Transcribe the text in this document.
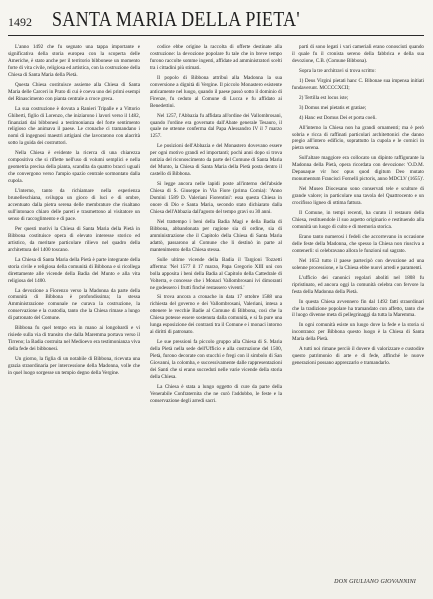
1492 SANTA MARIA DELLA PIETA'

L'anno 1492 che fu segnato una tappa importante e significativa della storia europea con la scoperta delle Americhe, è stato anche per il territorio bibbonese un momento forte di vita civile, religiosa ed artistica, con la costruzione della Chiesa di Santa Maria della Pietà.

Questa Chiesa costituisce assieme alla Chiesa di Santa Maria delle Carceri in Prato di cui è coeva uno dei primi esempi del Rinascimento con pianta centrale a croce greca.

La sua costruzione è dovuta a Ranieri Tripalle e a Vittorio Ghiberti, figlio di Lorenzo, che iniziarono i lavori verso il 1482, finanziati dai bibbonesi a testimonianza del forte sentimento religioso che animava il paese. Le cronache ci tramandano i nomi di ingegnosi maestri artigiani che lavorarono con alacrità sotto la guida dei costruttori.

Nella Chiesa è evidente la ricerca di una chiarezza compositiva che si riflette nell'uso di volumi semplici e nella geometria precisa della pianta, scandita da quattro bracci uguali che convergono verso l'ampio spazio centrale sormontato dalla cupola.

L'interno, tanto da richiamare nella esperienza brunelleschiana, sviluppa un gioco di luci e di ombre, accentuato dalla pietra serena delle membrature che risaltano sull'intonaco chiaro delle pareti e trasmettono al visitatore un senso di raccoglimento e di pace.

Per questi motivi la Chiesa di Santa Maria della Pietà in Bibbona costituisce opera di elevato interesse storico ed artistico, da meritare particolare rilievo nel quadro della architettura del 1400 toscano.

La Chiesa di Santa Maria della Pietà è parte integrante della storia civile e religiosa della comunità di Bibbona e si ricollega direttamente alle vicende della Badia del Munto e alla vita religiosa del 1400.

La devozione a Fiorenzo verso la Madonna da parte della comunità di Bibbona è profondissima; la stessa Amministrazione comunale ne curava la costruzione, la conservazione e la custodia, tanto che la Chiesa rimase a lungo di patronato del Comune.

Bibbona fu quel tempo era in mano ai longobardi e vi risiede sulla via di transito che dalla Maremma portava verso il Tirreno; la Badia costruita nel Medioevo era testimonianza viva della fede dei bibbonesi.

Un giorno, la figlia di un notabile di Bibbona, ricevuta una grazia straordinaria per intercessione della Madonna, volle che in quel luogo sorgesse un tempio degno della Vergine.

codice ebbe origine la raccolta di offerte destinate alla costruzione: la devozione popolare fu tale che in breve tempo furono raccolte somme ingenti, affidate ad amministratori scelti tra i cittadini più stimati.

Il popolo di Bibbona attribuì alla Madonna la sua conversione a dignità di Vergine. Il piccolo Monastero esistente anticamente nel luogo, quando il paese passò sotto il dominio di Firenze, fu ceduto al Comune di Lucca e fu affidato ai Benedettini.

Nel 1257, l'Abbazia fu affidata all'ordine dei Vallombrosani, quando l'ordine era governato dall'Abate generale Tesauro, il quale ne ottenne conferma dal Papa Alessandro IV il 7 marzo 1257.

Le posizioni dell'Abbazia e del Monastero dovevano essere per ogni motivo grandi ed importanti; pochi anni dopo si trova notizia del riconoscimento da parte del Comune di Santa Maria del Munto, la Chiesa di Santa Maria della Pietà posta dentro il castello di Bibbona.

Si legge ancora nelle lapidi poste all'interno dell'abside Chiesa di S. Giuseppe in Via Fiore (prima Cornia): 'Anno Domini 1589 D. Valeriani Fiorentini': essa questa Chiesa in onore di Dio e Santa Maria, secondo stato dichiarato dalla Chiesa dell'Abbazia dall'agosto del tempo gravi su 30 anni.

Nel trattempo i beni della Badia Magi e della Badia di Bibbona, abbandonata per ragione sia di ordine, sia di amministrazione che il Capitolo della Chiesa di Santa Maria adattò, passarono al Comune che li destinò in parte al mantenimento della Chiesa stessa.

Sulle ultime vicende della Badia il Targioni Tozzetti afferma: 'Nel 1577 il 17 marzo, Papa Gregorio XIII unì con bolla apposita i beni della Badia al Capitolo della Cattedrale di Volterra, e concesse che i Monaci Vallombrosani ivi dimoranti ne godessero i frutti finché restassero viventi.'

Si trova ancora a cronache in data 17 ottobre 1588 una richiesta del governo e dei Vallombrosani, Valeriani, intesa a ottenere le vecchie Badie al Comune di Bibbona, così che la Chiesa potesse essere sostenuta dalla comunità, e si fa pure una lunga esposizione dei contrasti tra il Comune e i monaci intorno ai diritti di patronato.

Le sue pressioni fa piccolo gruppo alla Chiesa di S. Maria della Pietà nella sede dell'Ufficio e alla costruzione del 1500, Pietà, furono decorate con stucchi e fregi con il simbolo di San Giovanni, la colomba, e successivamente dalle rappresentazioni dei Santi che si erano succeduti nelle varie vicende della storia della Chiesa.

La Chiesa è stata a lungo oggetto di cure da parte della Venerabile Confraternita che ne curò l'addobbo, le feste e la conservazione degli arredi sacri.

partì di sono legati i vari cameriali erano conosciuti quando il quale fu il cronista sereno della fabbrica e della sua devozione, C.B. (Comune Bibbona).

Sopra la tre architravi si trova scritto:

1) Deus Virgini pietati hanc C. Bibonae sua impensa initiati fundaverunt. MCCCCXCII;

2) Tertilla est locus iste;

3) Domus mei pietatis et gratiae;

4) Hanc est Domus Dei et porta coeli.

All'interno la Chiesa non ha grandi ornamenti; ma è però sobria e ricca di raffinati particolari architettonici che danno pregio all'intero edificio, soprattutto la cupola e le cornici in pietra serena.

Sull'altare maggiore era collocato un dipinto raffigurante la Madonna della Pietà, opera ricordata con devozione: 'O.D.M. Depauaque vir hoc opus quod digitum Deo mutato monumentum Francisci Fornelli pictoris, anno MDCLV (1655)'.

Nel Museo Diocesano sono conservati tele e sculture di grande valore; in particolare una tavola del Quattrocento e un crocifisso ligneo di ottima fattura.

Il Comune, in tempi recenti, ha curato il restauro della Chiesa, restituendole il suo aspetto originario e restituendo alla comunità un luogo di culto e di memoria storica.

Erano tanto numerosi i fedeli che accorrevano in occasione delle feste della Madonna, che spesso la Chiesa non riusciva a contenerli: si celebravano allora le funzioni sul sagrato.

Nel 1653 tutto il paese partecipò con devozione ad una solenne processione, e la Chiesa ebbe nuovi arredi e paramenti.

L'ufficio dei canonici regolari aboliti nel 1808 fu ripristinato, ed ancora oggi la comunità celebra con fervore la festa della Madonna della Pietà.

In questa Chiesa avvennero fin dal 1492 fatti straordinari che la tradizione popolare ha tramandato con affetto, tanto che il luogo divenne meta di pellegrinaggi da tutta la Maremma.

In ogni comunità esiste un luogo dove la fede e la storia si incontrano: per Bibbona questo luogo è la Chiesa di Santa Maria della Pietà.

A tutti noi rimane perciò il dovere di valorizzare e custodire questo patrimonio di arte e di fede, affinché le nuove generazioni possano apprezzarlo e tramandarlo.

DON GIULIANO GIOVANNINI
